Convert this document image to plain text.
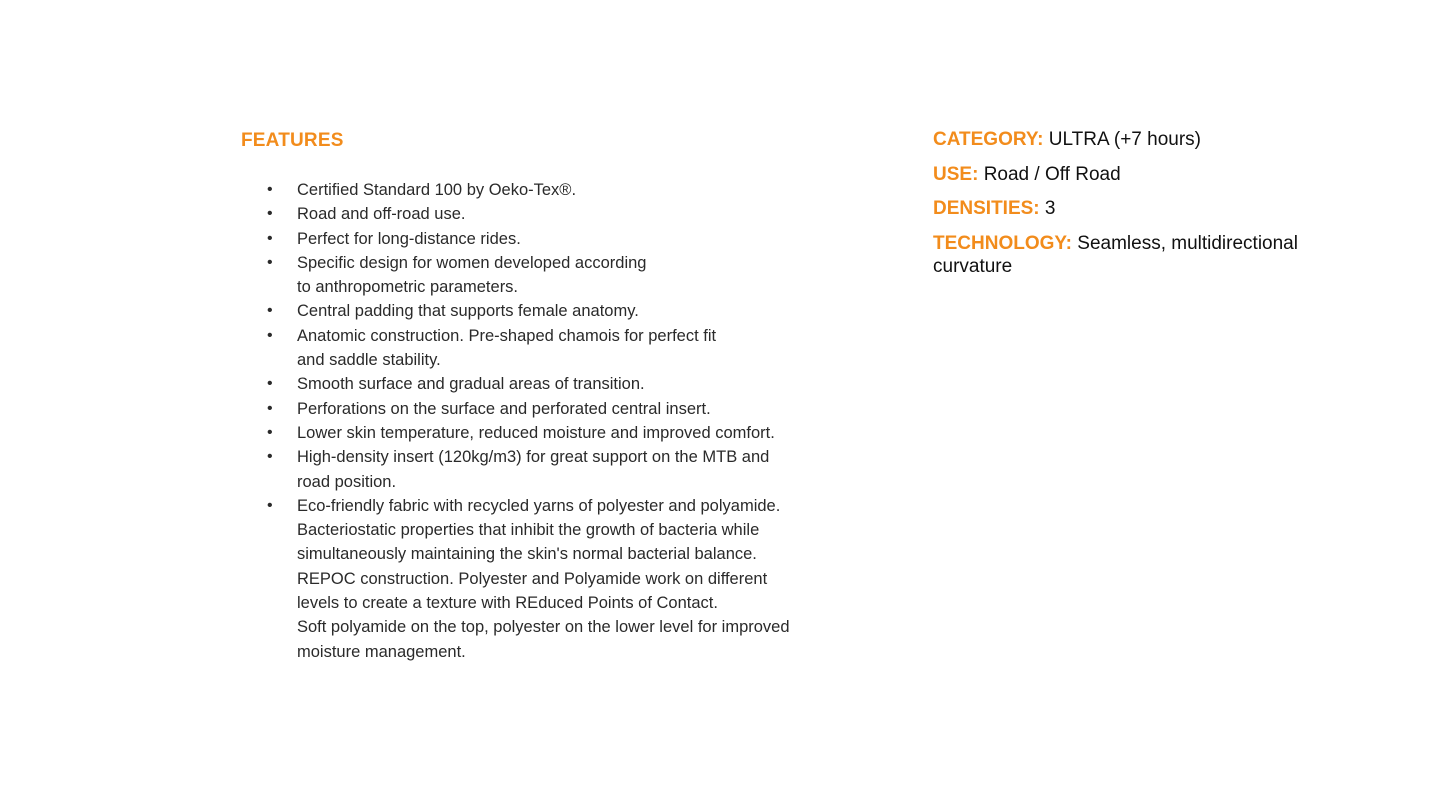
FEATURES
• Certified Standard 100 by Oeko-Tex®.
• Road and off-road use.
• Perfect for long-distance rides.
• Specific design for women developed according
to anthropometric parameters.
• Central padding that supports female anatomy.
• Anatomic construction. Pre-shaped chamois for perfect fit
and saddle stability.
• Smooth surface and gradual areas of transition.
• Perforations on the surface and perforated central insert.
• Lower skin temperature, reduced moisture and improved comfort.
• High-density insert (120kg/m3) for great support on the MTB and
road position.
• Eco-friendly fabric with recycled yarns of polyester and polyamide.
Bacteriostatic properties that inhibit the growth of bacteria while
simultaneously maintaining the skin's normal bacterial balance.
REPOC construction. Polyester and Polyamide work on different
levels to create a texture with REduced Points of Contact.
Soft polyamide on the top, polyester on the lower level for improved
moisture management.
CATEGORY: ULTRA (+7 hours)
USE: Road / Off Road
DENSITIES: 3
TECHNOLOGY: Seamless, multidirectional curvature
